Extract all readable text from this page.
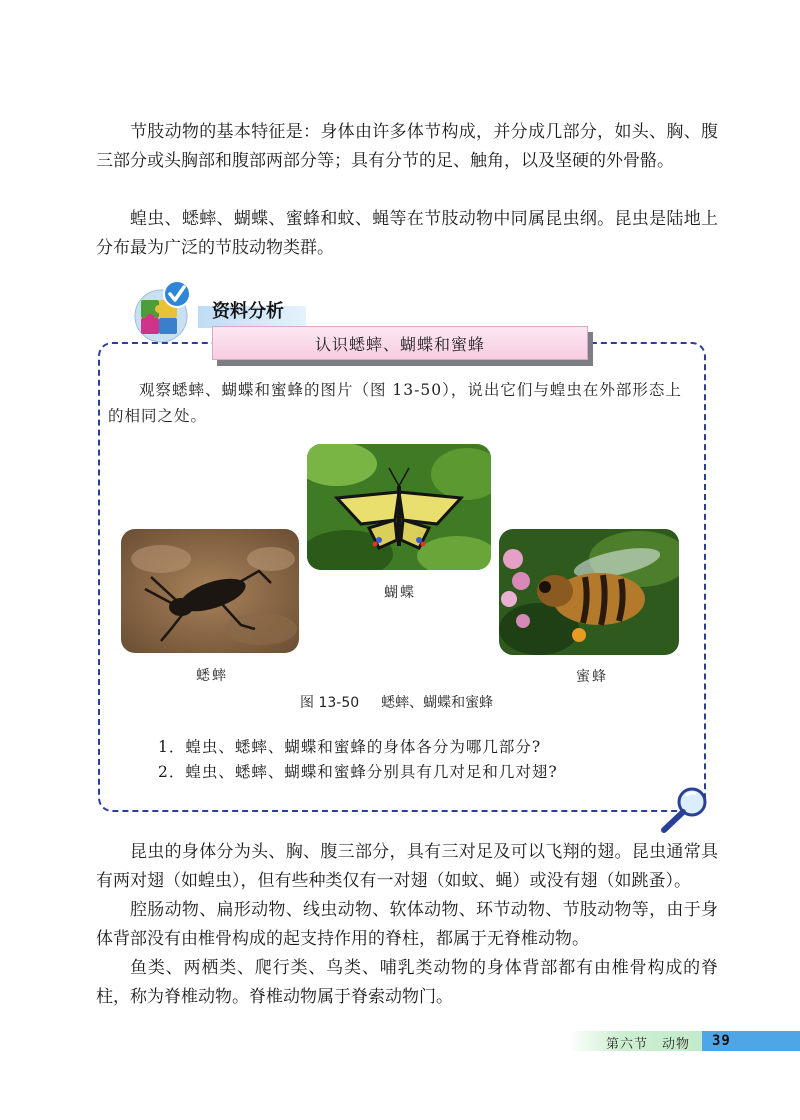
节肢动物的基本特征是：身体由许多体节构成，并分成几部分，如头、胸、腹三部分或头胸部和腹部两部分等；具有分节的足、触角，以及坚硬的外骨骼。

蝗虫、蟋蟀、蝴蝶、蜜蜂和蚊、蝇等在节肢动物中同属昆虫纲。昆虫是陆地上分布最为广泛的节肢动物类群。

资料分析
认识蟋蟀、蝴蝶和蜜蜂

观察蟋蟀、蝴蝶和蜜蜂的图片（图 13-50），说出它们与蝗虫在外部形态上的相同之处。

蝴蝶
蟋蟀	蜜蜂
图 13-50 蟋蟀、蝴蝶和蜜蜂
1．蝗虫、蟋蟀、蝴蝶和蜜蜂的身体各分为哪几部分?
2．蝗虫、蟋蟀、蝴蝶和蜜蜂分别具有几对足和几对翅?

昆虫的身体分为头、胸、腹三部分，具有三对足及可以飞翔的翅。昆虫通常具有两对翅（如蝗虫），但有些种类仅有一对翅（如蚊、蝇）或没有翅（如跳蚤）。

腔肠动物、扁形动物、线虫动物、软体动物、环节动物、节肢动物等，由于身体背部没有由椎骨构成的起支持作用的脊柱，都属于无脊椎动物。

鱼类、两栖类、爬行类、鸟类、哺乳类动物的身体背部都有由椎骨构成的脊柱，称为脊椎动物。脊椎动物属于脊索动物门。

第六节 动物	39
